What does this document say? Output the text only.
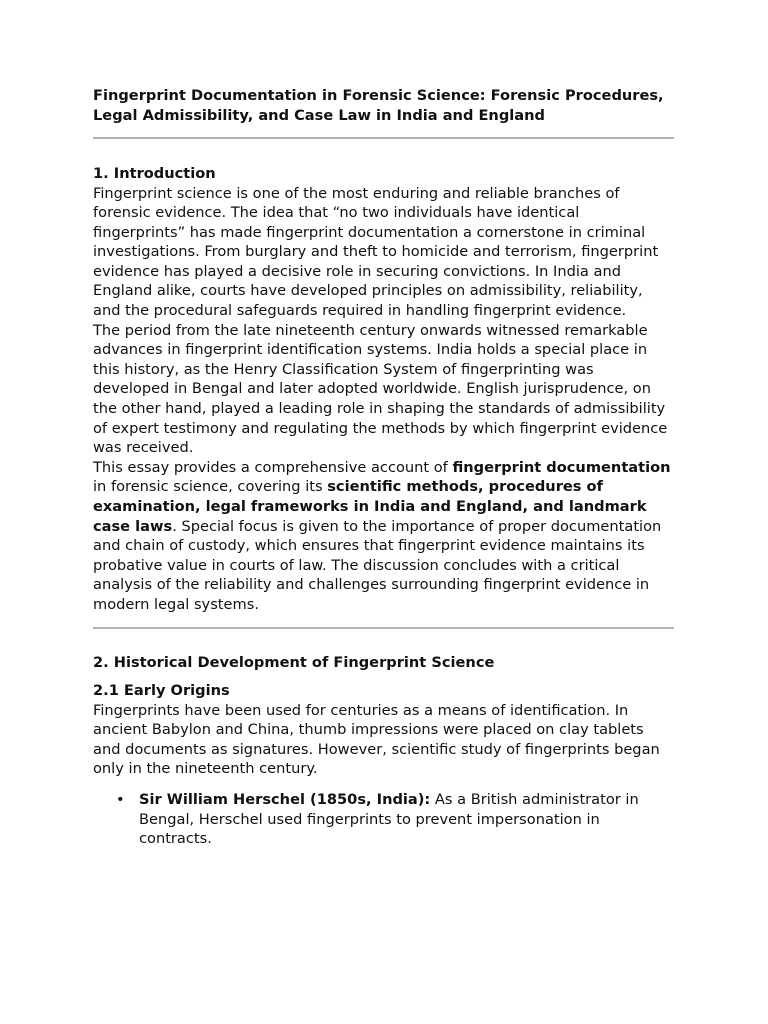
Fingerprint Documentation in Forensic Science: Forensic Procedures, Legal Admissibility, and Case Law in India and England
1. Introduction

Fingerprint science is one of the most enduring and reliable branches of forensic evidence. The idea that “no two individuals have identical fingerprints” has made fingerprint documentation a cornerstone in criminal investigations. From burglary and theft to homicide and terrorism, fingerprint evidence has played a decisive role in securing convictions. In India and England alike, courts have developed principles on admissibility, reliability, and the procedural safeguards required in handling fingerprint evidence.

The period from the late nineteenth century onwards witnessed remarkable advances in fingerprint identification systems. India holds a special place in this history, as the Henry Classification System of fingerprinting was developed in Bengal and later adopted worldwide. English jurisprudence, on the other hand, played a leading role in shaping the standards of admissibility of expert testimony and regulating the methods by which fingerprint evidence was received.

This essay provides a comprehensive account of fingerprint documentation in forensic science, covering its scientific methods, procedures of examination, legal frameworks in India and England, and landmark case laws. Special focus is given to the importance of proper documentation and chain of custody, which ensures that fingerprint evidence maintains its probative value in courts of law. The discussion concludes with a critical analysis of the reliability and challenges surrounding fingerprint evidence in modern legal systems.

2. Historical Development of Fingerprint Science
2.1 Early Origins

Fingerprints have been used for centuries as a means of identification. In ancient Babylon and China, thumb impressions were placed on clay tablets and documents as signatures. However, scientific study of fingerprints began only in the nineteenth century.

• Sir William Herschel (1850s, India): As a British administrator in Bengal, Herschel used fingerprints to prevent impersonation in contracts.
